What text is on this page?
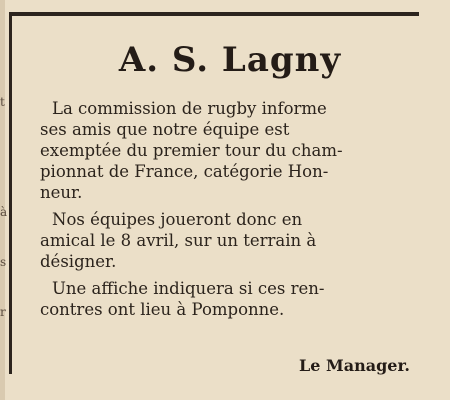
t
à
s
r
A. S. Lagny

La commission de rugby informe
ses amis que notre équipe est
exemptée du premier tour du cham-
pionnat de France, catégorie Hon-
neur.

Nos équipes joueront donc en
amical le 8 avril, sur un terrain à
désigner.

Une affiche indiquera si ces ren-
contres ont lieu à Pomponne.

Le Manager.
